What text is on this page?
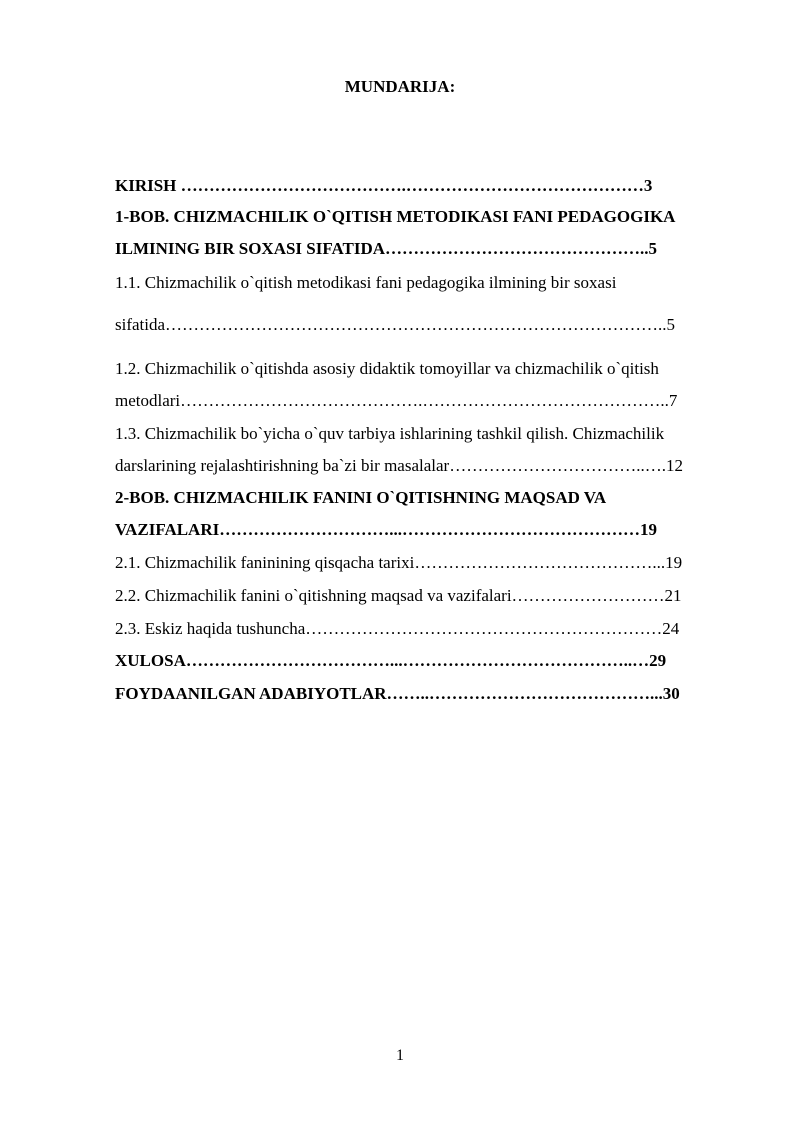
MUNDARIJA:
KIRISH ………………………………….……………………………………3
1-BOB. CHIZMACHILIK O`QITISH METODIKASI FANI PEDAGOGIKA
ILMINING BIR SOXASI SIFATIDA………………………………………..5
1.1. Chizmachilik o`qitish metodikasi fani pedagogika ilmining bir soxasi
sifatida……………………………………………………………………………..5
1.2. Chizmachilik o`qitishda asosiy didaktik tomoyillar va chizmachilik o`qitish
metodlari…………………………………….……………………………………..7
1.3. Chizmachilik bo`yicha o`quv tarbiya ishlarining tashkil qilish. Chizmachilik
darslarining rejalashtirishning ba`zi bir masalalar……………………………..….12
2-BOB. CHIZMACHILIK FANINI O`QITISHNING MAQSAD VA
VAZIFALARI…………………………...……………………………………19
2.1. Chizmachilik faninining qisqacha tarixi……………………………………...19
2.2. Chizmachilik fanini o`qitishning maqsad va vazifalari………………………21
2.3. Eskiz haqida tushuncha………………………………………………………24
XULOSA………………………………...…………………………………..…29
FOYDAANILGAN ADABIYOTLAR……..…………………………………...30
1
